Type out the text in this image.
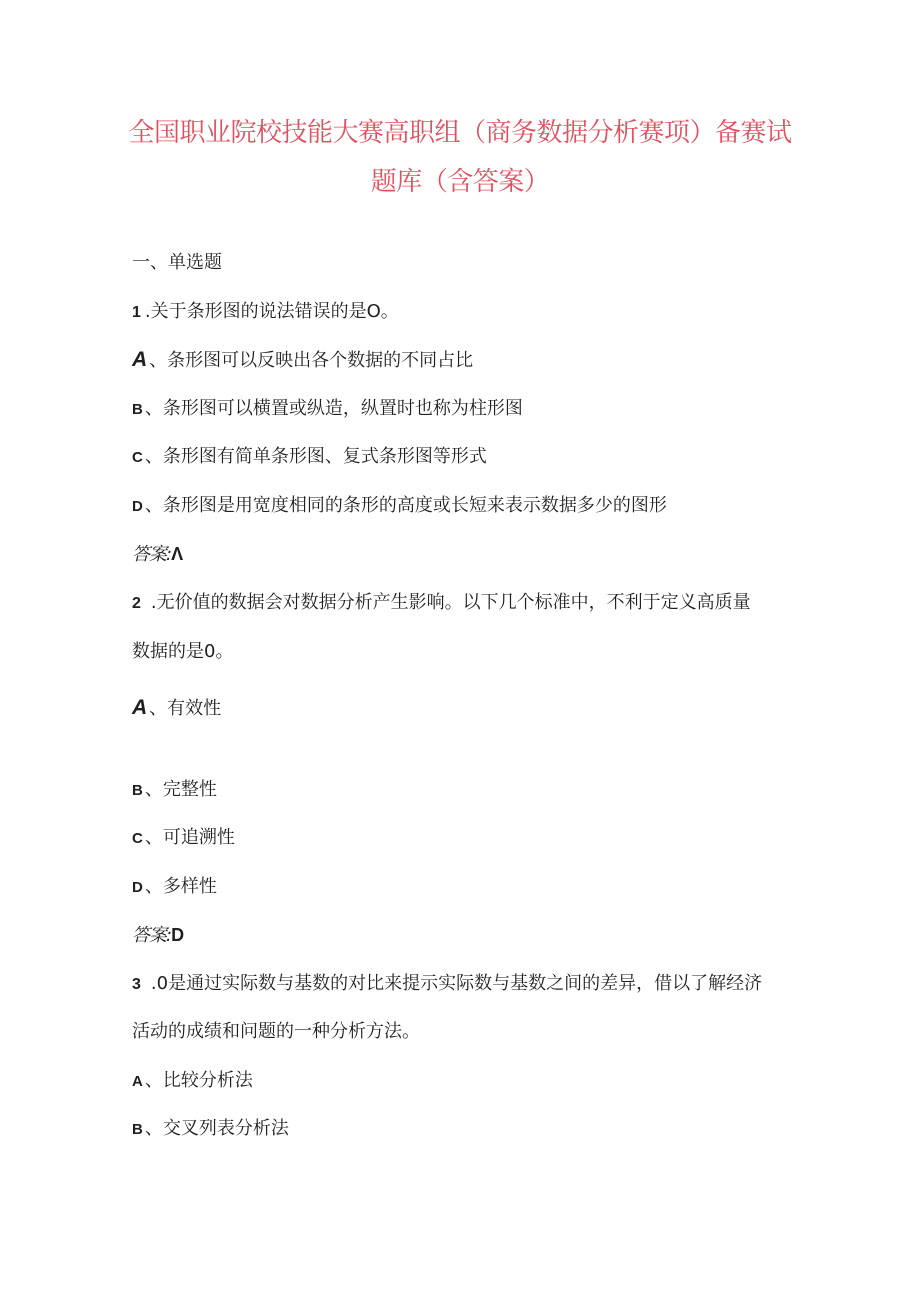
全国职业院校技能大赛高职组（商务数据分析赛项）备赛试
题库（含答案）
一、单选题
1 .关于条形图的说法错误的是O。
A 、条形图可以反映出各个数据的不同占比
B 、条形图可以横置或纵造，纵置时也称为柱形图
C 、条形图有简单条形图、复式条形图等形式
D 、条形图是用宽度相同的条形的高度或长短来表示数据多少的图形
答案:Λ
2 .无价值的数据会对数据分析产生影响。以下几个标准中，不利于定义高质量
数据的是0。
A 、有效性
B 、完整性
C 、可追溯性
D 、多样性
答案:D
3 .0是通过实际数与基数的对比来提示实际数与基数之间的差异，借以了解经济
活动的成绩和问题的一种分析方法。
A 、比较分析法
B 、交叉列表分析法
